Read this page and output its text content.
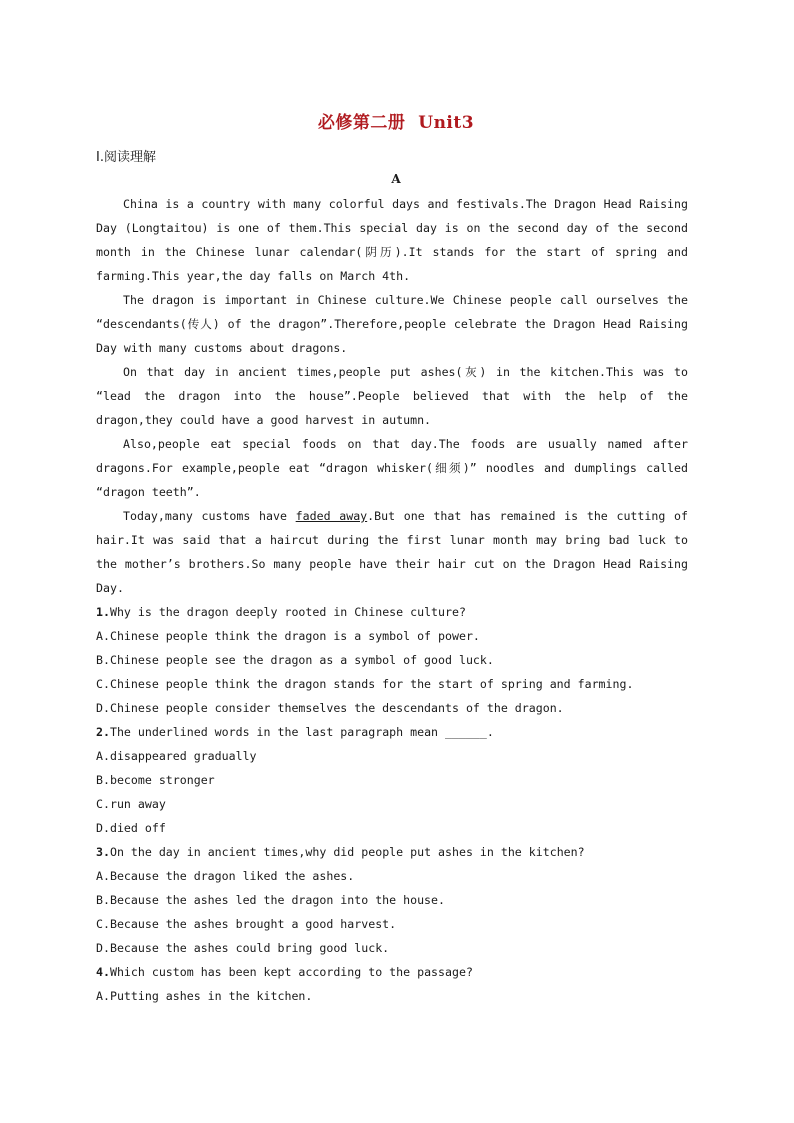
必修第二册  Unit3
Ⅰ.阅读理解
A

China is a country with many colorful days and festivals.The Dragon Head Raising Day (Longtaitou) is one of them.This special day is on the second day of the second month in the Chinese lunar calendar(阴历).It stands for the start of spring and farming.This year,the day falls on March 4th.

The dragon is important in Chinese culture.We Chinese people call ourselves the “descendants(传人) of the dragon”.Therefore,people celebrate the Dragon Head Raising Day with many customs about dragons.

On that day in ancient times,people put ashes(灰) in the kitchen.This was to “lead the dragon into the house”.People believed that with the help of the dragon,they could have a good harvest in autumn.

Also,people eat special foods on that day.The foods are usually named after dragons.For example,people eat “dragon whisker(细须)” noodles and dumplings called “dragon teeth”.

Today,many customs have faded away.But one that has remained is the cutting of hair.It was said that a haircut during the first lunar month may bring bad luck to the mother’s brothers.So many people have their hair cut on the Dragon Head Raising Day.

1.Why is the dragon deeply rooted in Chinese culture?

A.Chinese people think the dragon is a symbol of power.

B.Chinese people see the dragon as a symbol of good luck.

C.Chinese people think the dragon stands for the start of spring and farming.

D.Chinese people consider themselves the descendants of the dragon.

2.The underlined words in the last paragraph mean ______.

A.disappeared gradually

B.become stronger

C.run away

D.died off

3.On the day in ancient times,why did people put ashes in the kitchen?

A.Because the dragon liked the ashes.

B.Because the ashes led the dragon into the house.

C.Because the ashes brought a good harvest.

D.Because the ashes could bring good luck.

4.Which custom has been kept according to the passage?

A.Putting ashes in the kitchen.
